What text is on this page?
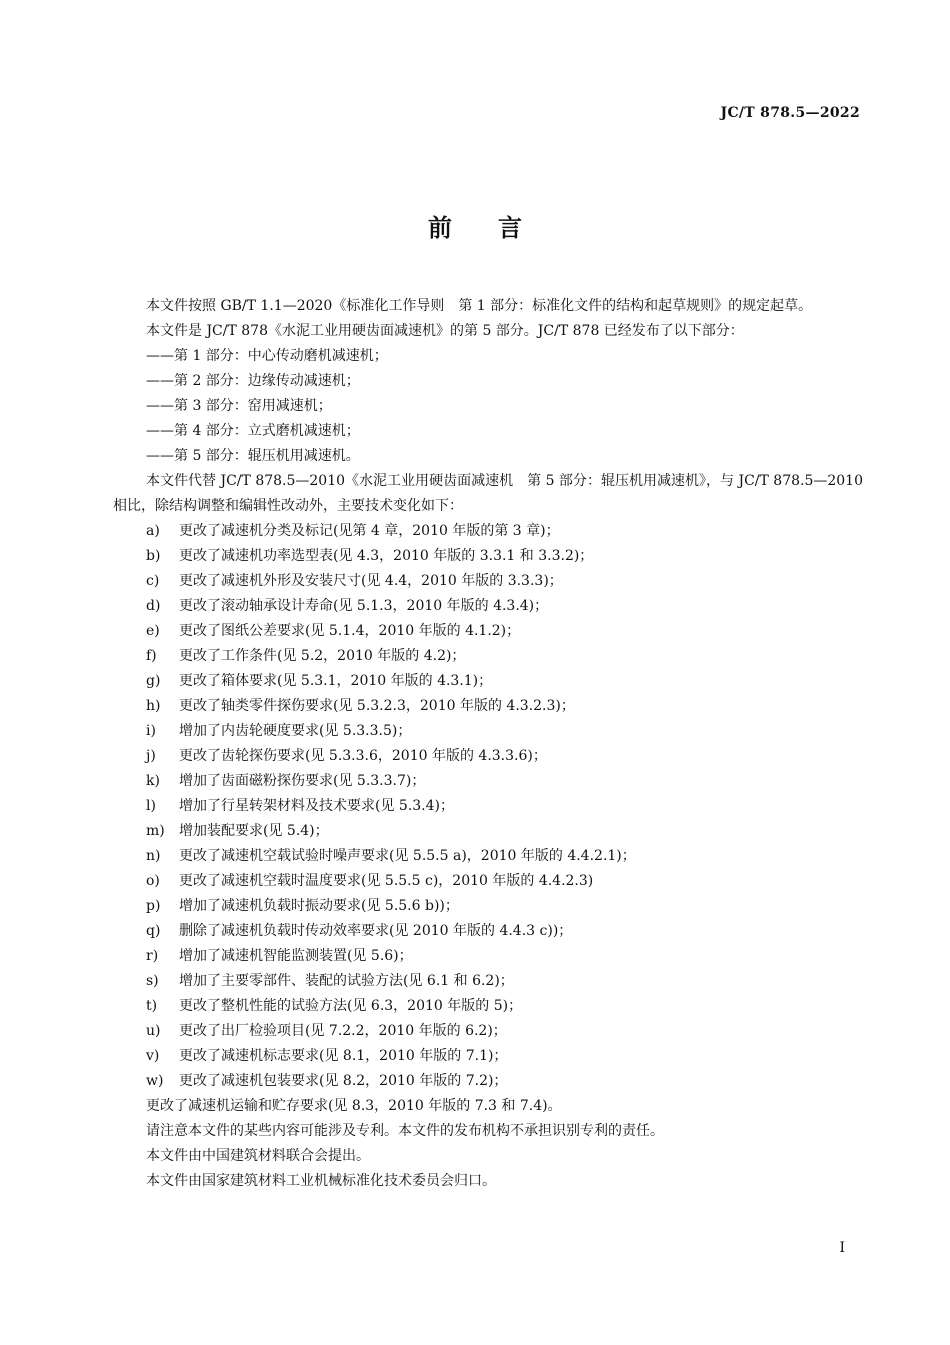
JC/T 878.5—2022
前言

本文件按照 GB/T 1.1—2020《标准化工作导则　第 1 部分：标准化文件的结构和起草规则》的规定起草。

本文件是 JC/T 878《水泥工业用硬齿面减速机》的第 5 部分。JC/T 878 已经发布了以下部分：

——第 1 部分：中心传动磨机减速机；

——第 2 部分：边缘传动减速机；

——第 3 部分：窑用减速机；

——第 4 部分：立式磨机减速机；

——第 5 部分：辊压机用减速机。

本文件代替 JC/T 878.5—2010《水泥工业用硬齿面减速机　第 5 部分：辊压机用减速机》，与 JC/T 878.5—2010 相比，除结构调整和编辑性改动外，主要技术变化如下：

a) 更改了减速机分类及标记(见第 4 章，2010 年版的第 3 章)；

b) 更改了减速机功率选型表(见 4.3，2010 年版的 3.3.1 和 3.3.2)；

c) 更改了减速机外形及安装尺寸(见 4.4，2010 年版的 3.3.3)；

d) 更改了滚动轴承设计寿命(见 5.1.3，2010 年版的 4.3.4)；

e) 更改了图纸公差要求(见 5.1.4，2010 年版的 4.1.2)；

f) 更改了工作条件(见 5.2，2010 年版的 4.2)；

g) 更改了箱体要求(见 5.3.1，2010 年版的 4.3.1)；

h) 更改了轴类零件探伤要求(见 5.3.2.3，2010 年版的 4.3.2.3)；

i) 增加了内齿轮硬度要求(见 5.3.3.5)；

j) 更改了齿轮探伤要求(见 5.3.3.6，2010 年版的 4.3.3.6)；

k) 增加了齿面磁粉探伤要求(见 5.3.3.7)；

l) 增加了行星转架材料及技术要求(见 5.3.4)；

m) 增加装配要求(见 5.4)；

n) 更改了减速机空载试验时噪声要求(见 5.5.5 a)，2010 年版的 4.4.2.1)；

o) 更改了减速机空载时温度要求(见 5.5.5 c)，2010 年版的 4.4.2.3)

p) 增加了减速机负载时振动要求(见 5.5.6 b))；

q) 删除了减速机负载时传动效率要求(见 2010 年版的 4.4.3 c))；

r) 增加了减速机智能监测装置(见 5.6)；

s) 增加了主要零部件、装配的试验方法(见 6.1 和 6.2)；

t) 更改了整机性能的试验方法(见 6.3，2010 年版的 5)；

u) 更改了出厂检验项目(见 7.2.2，2010 年版的 6.2)；

v) 更改了减速机标志要求(见 8.1，2010 年版的 7.1)；

w) 更改了减速机包装要求(见 8.2，2010 年版的 7.2)；

更改了减速机运输和贮存要求(见 8.3，2010 年版的 7.3 和 7.4)。

请注意本文件的某些内容可能涉及专利。本文件的发布机构不承担识别专利的责任。

本文件由中国建筑材料联合会提出。

本文件由国家建筑材料工业机械标准化技术委员会归口。

I
